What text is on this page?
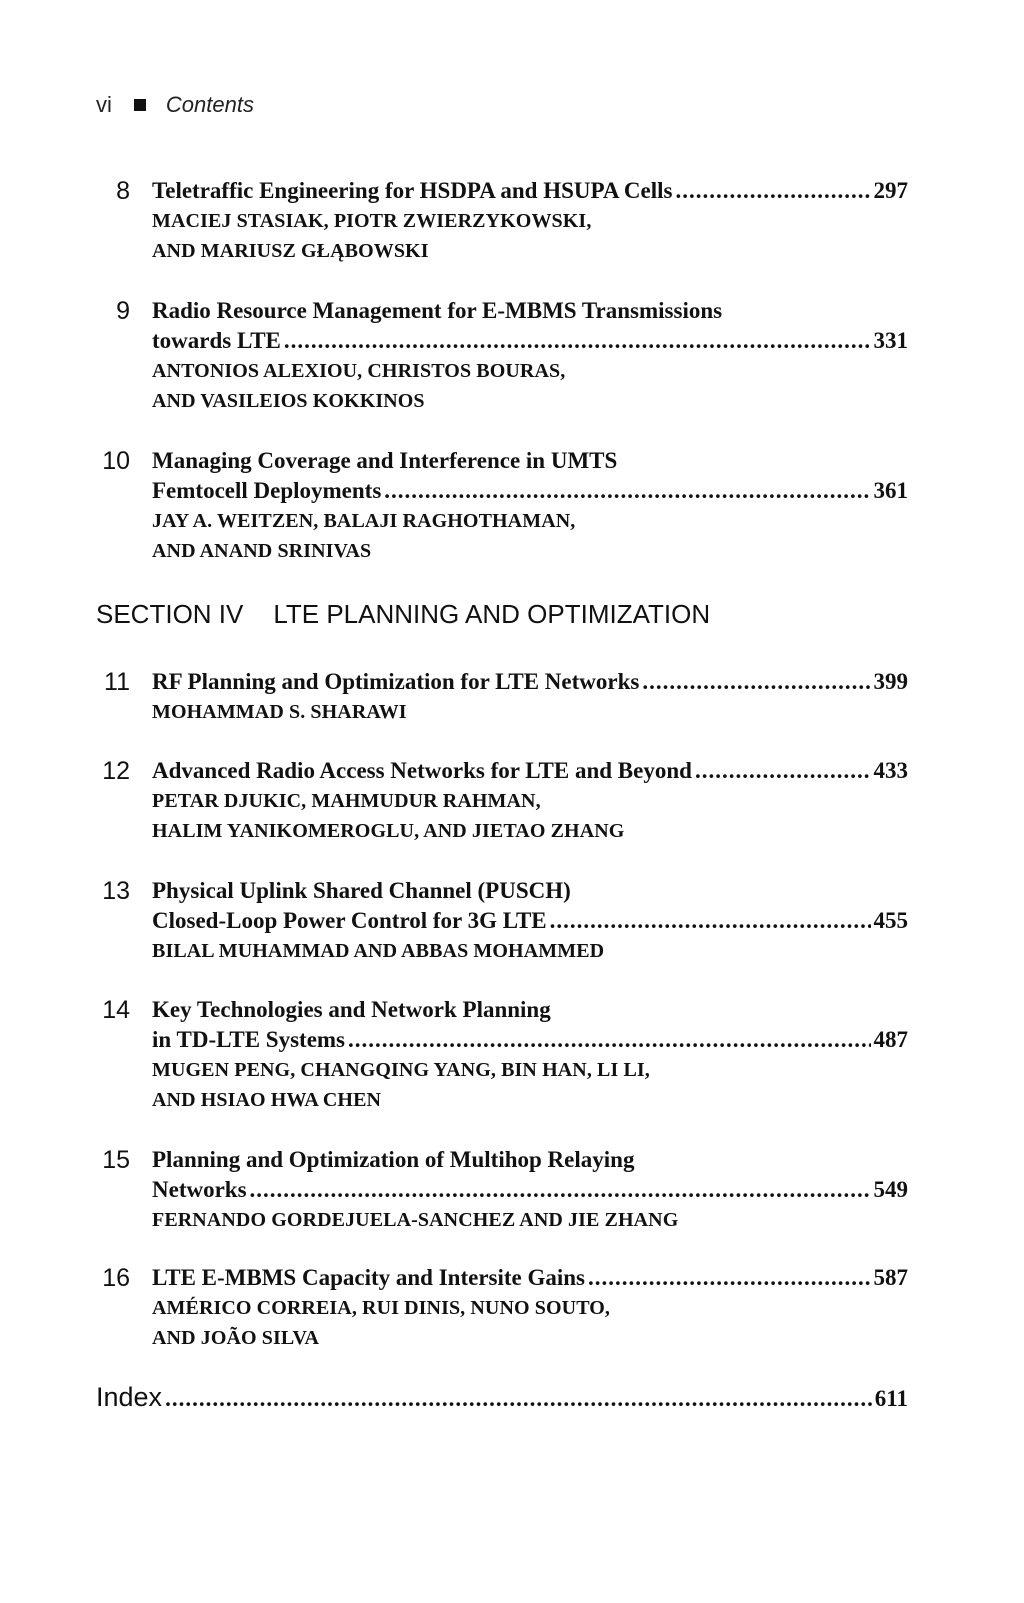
vi Contents
8 Teletraffic Engineering for HSDPA and HSUPA Cells .....	297
MACIEJ STASIAK, PIOTR ZWIERZYKOWSKI,
AND MARIUSZ GŁĄBOWSKI
9 Radio Resource Management for E-MBMS Transmissions
towards LTE .....	331
ANTONIOS ALEXIOU, CHRISTOS BOURAS,
AND VASILEIOS KOKKINOS
10 Managing Coverage and Interference in UMTS
Femtocell Deployments .....	361
JAY A. WEITZEN, BALAJI RAGHOTHAMAN,
AND ANAND SRINIVAS
SECTION IV LTE PLANNING AND OPTIMIZATION
11 RF Planning and Optimization for LTE Networks .....	399
MOHAMMAD S. SHARAWI
12 Advanced Radio Access Networks for LTE and Beyond .....	433
PETAR DJUKIC, MAHMUDUR RAHMAN,
HALIM YANIKOMEROGLU, AND JIETAO ZHANG
13 Physical Uplink Shared Channel (PUSCH)
Closed-Loop Power Control for 3G LTE .....	455
BILAL MUHAMMAD AND ABBAS MOHAMMED
14 Key Technologies and Network Planning
in TD-LTE Systems .....	487
MUGEN PENG, CHANGQING YANG, BIN HAN, LI LI,
AND HSIAO HWA CHEN
15 Planning and Optimization of Multihop Relaying
Networks .....	549
FERNANDO GORDEJUELA-SANCHEZ AND JIE ZHANG
16 LTE E-MBMS Capacity and Intersite Gains .....	587
AMÉRICO CORREIA, RUI DINIS, NUNO SOUTO,
AND JOÃO SILVA
Index .....	611
